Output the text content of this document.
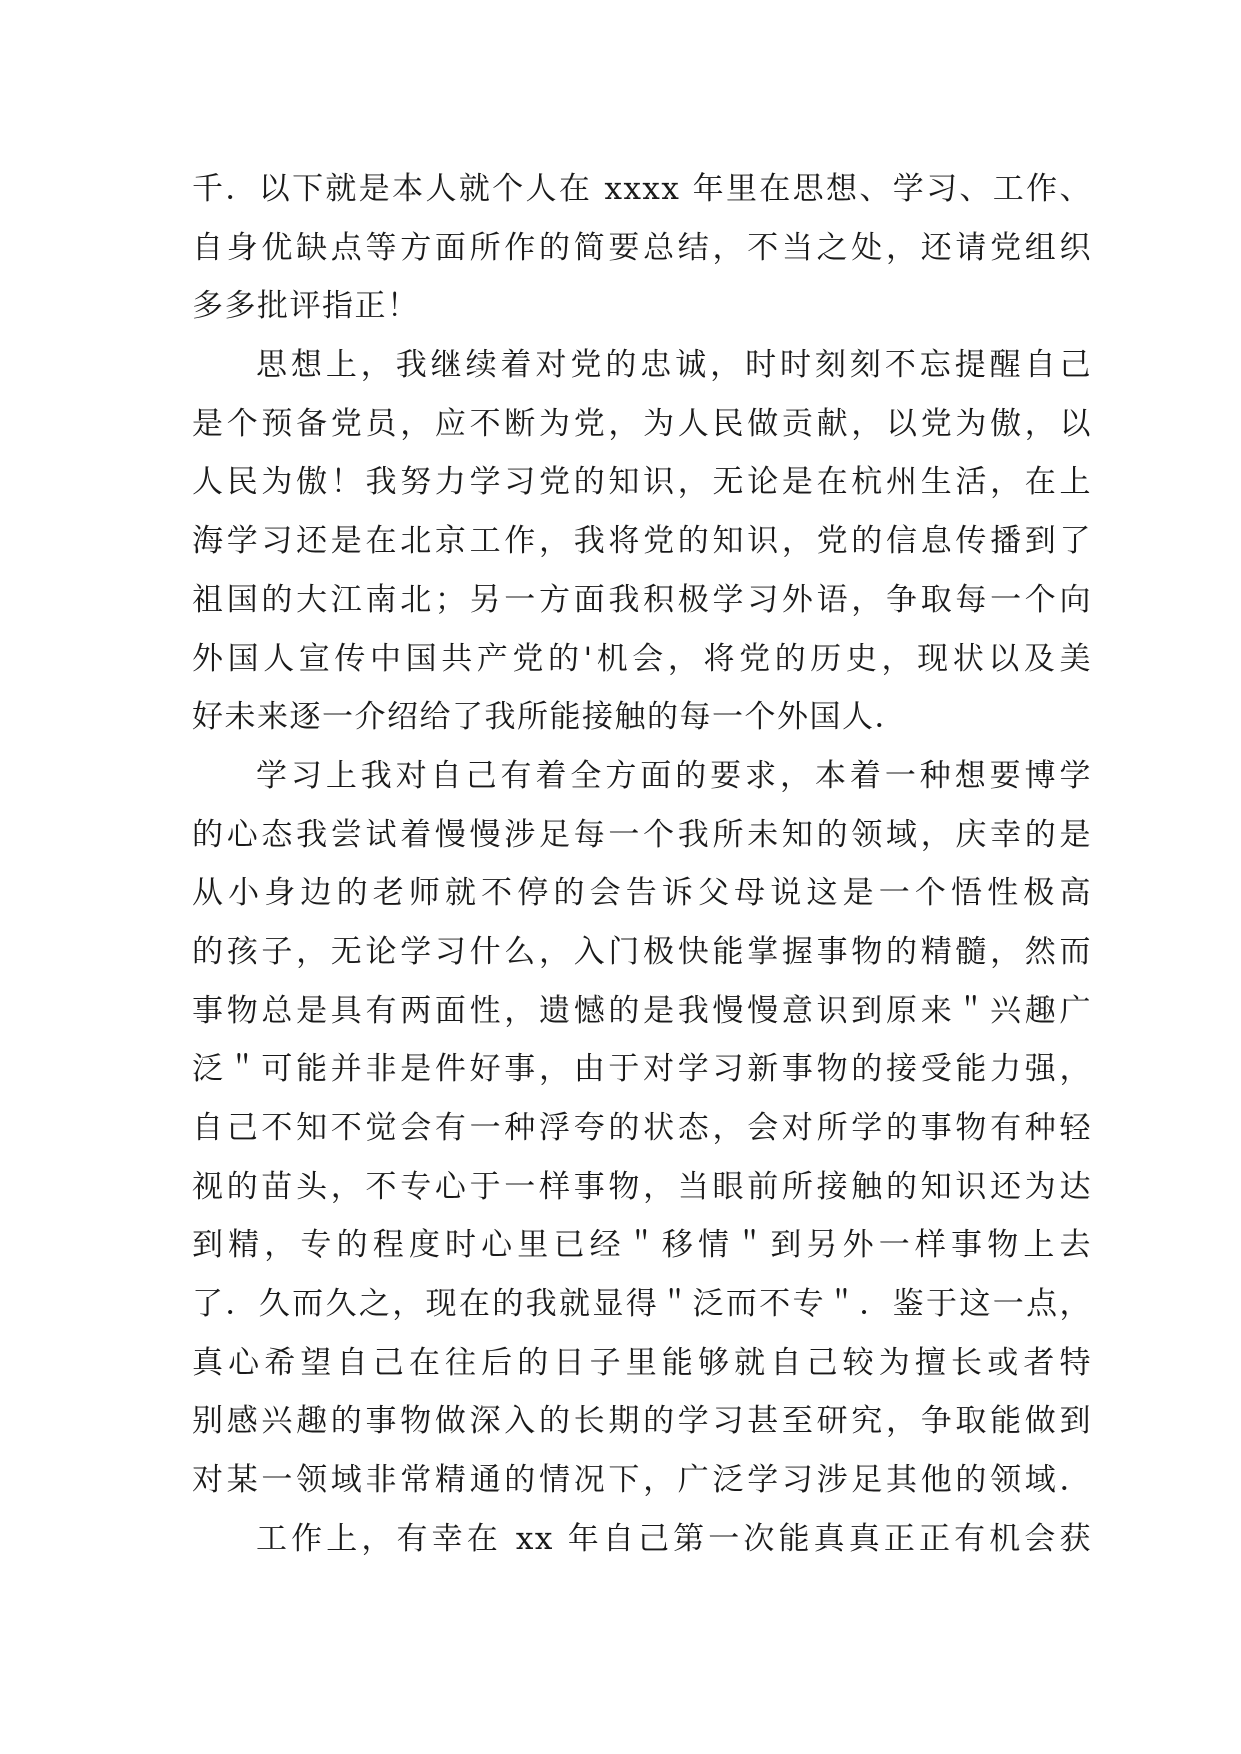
千．以下就是本人就个人在 xxxx 年里在思想、学习、工作、
自身优缺点等方面所作的简要总结，不当之处，还请党组织
多多批评指正！
思想上，我继续着对党的忠诚，时时刻刻不忘提醒自己
是个预备党员，应不断为党，为人民做贡献，以党为傲，以
人民为傲！我努力学习党的知识，无论是在杭州生活，在上
海学习还是在北京工作，我将党的知识，党的信息传播到了
祖国的大江南北；另一方面我积极学习外语，争取每一个向
外国人宣传中国共产党的'机会，将党的历史，现状以及美
好未来逐一介绍给了我所能接触的每一个外国人．
学习上我对自己有着全方面的要求，本着一种想要博学
的心态我尝试着慢慢涉足每一个我所未知的领域，庆幸的是
从小身边的老师就不停的会告诉父母说这是一个悟性极高
的孩子，无论学习什么，入门极快能掌握事物的精髓，然而
事物总是具有两面性，遗憾的是我慢慢意识到原来＂兴趣广
泛＂可能并非是件好事，由于对学习新事物的接受能力强，
自己不知不觉会有一种浮夸的状态，会对所学的事物有种轻
视的苗头，不专心于一样事物，当眼前所接触的知识还为达
到精，专的程度时心里已经＂移情＂到另外一样事物上去
了．久而久之，现在的我就显得＂泛而不专＂．鉴于这一点，
真心希望自己在往后的日子里能够就自己较为擅长或者特
别感兴趣的事物做深入的长期的学习甚至研究，争取能做到
对某一领域非常精通的情况下，广泛学习涉足其他的领域．
工作上，有幸在 xx 年自己第一次能真真正正有机会获
